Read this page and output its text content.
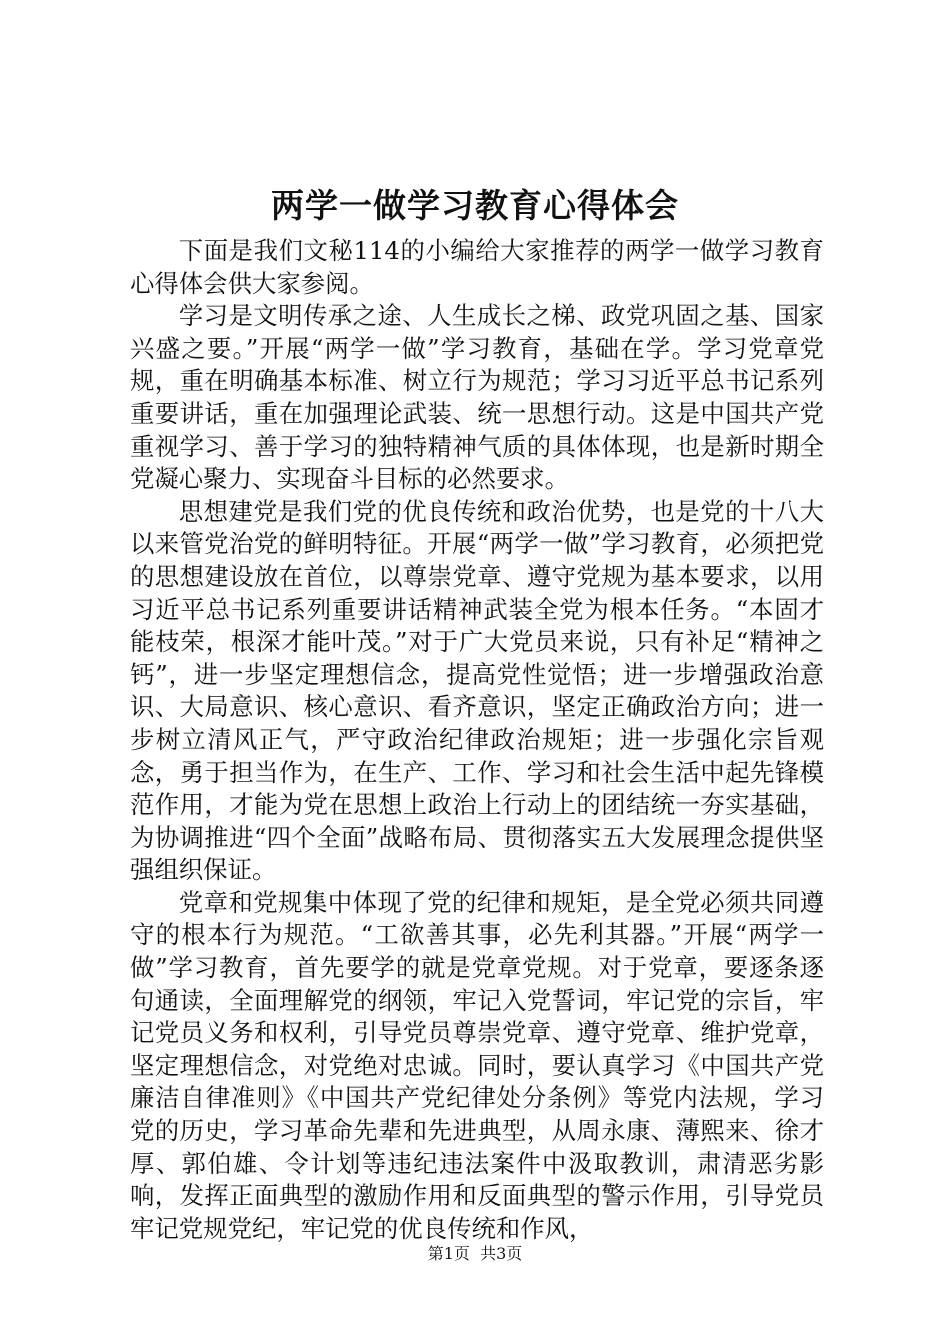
两学一做学习教育心得体会

下面是我们文秘114的小编给大家推荐的两学一做学习教育心得体会供大家参阅。

学习是文明传承之途、人生成长之梯、政党巩固之基、国家兴盛之要。”开展“两学一做”学习教育，基础在学。学习党章党规，重在明确基本标准、树立行为规范；学习习近平总书记系列重要讲话，重在加强理论武装、统一思想行动。这是中国共产党重视学习、善于学习的独特精神气质的具体体现，也是新时期全党凝心聚力、实现奋斗目标的必然要求。

思想建党是我们党的优良传统和政治优势，也是党的十八大以来管党治党的鲜明特征。开展“两学一做”学习教育，必须把党的思想建设放在首位，以尊崇党章、遵守党规为基本要求，以用习近平总书记系列重要讲话精神武装全党为根本任务。“本固才能枝荣，根深才能叶茂。”对于广大党员来说，只有补足“精神之钙”，进一步坚定理想信念，提高党性觉悟；进一步增强政治意识、大局意识、核心意识、看齐意识，坚定正确政治方向；进一步树立清风正气，严守政治纪律政治规矩；进一步强化宗旨观念，勇于担当作为，在生产、工作、学习和社会生活中起先锋模范作用，才能为党在思想上政治上行动上的团结统一夯实基础，为协调推进“四个全面”战略布局、贯彻落实五大发展理念提供坚强组织保证。

党章和党规集中体现了党的纪律和规矩，是全党必须共同遵守的根本行为规范。“工欲善其事，必先利其器。”开展“两学一做”学习教育，首先要学的就是党章党规。对于党章，要逐条逐句通读，全面理解党的纲领，牢记入党誓词，牢记党的宗旨，牢记党员义务和权利，引导党员尊崇党章、遵守党章、维护党章，坚定理想信念，对党绝对忠诚。同时，要认真学习《中国共产党廉洁自律准则》《中国共产党纪律处分条例》等党内法规，学习党的历史，学习革命先辈和先进典型，从周永康、薄熙来、徐才厚、郭伯雄、令计划等违纪违法案件中汲取教训，肃清恶劣影响，发挥正面典型的激励作用和反面典型的警示作用，引导党员牢记党规党纪，牢记党的优良传统和作风，

第1页 共3页
